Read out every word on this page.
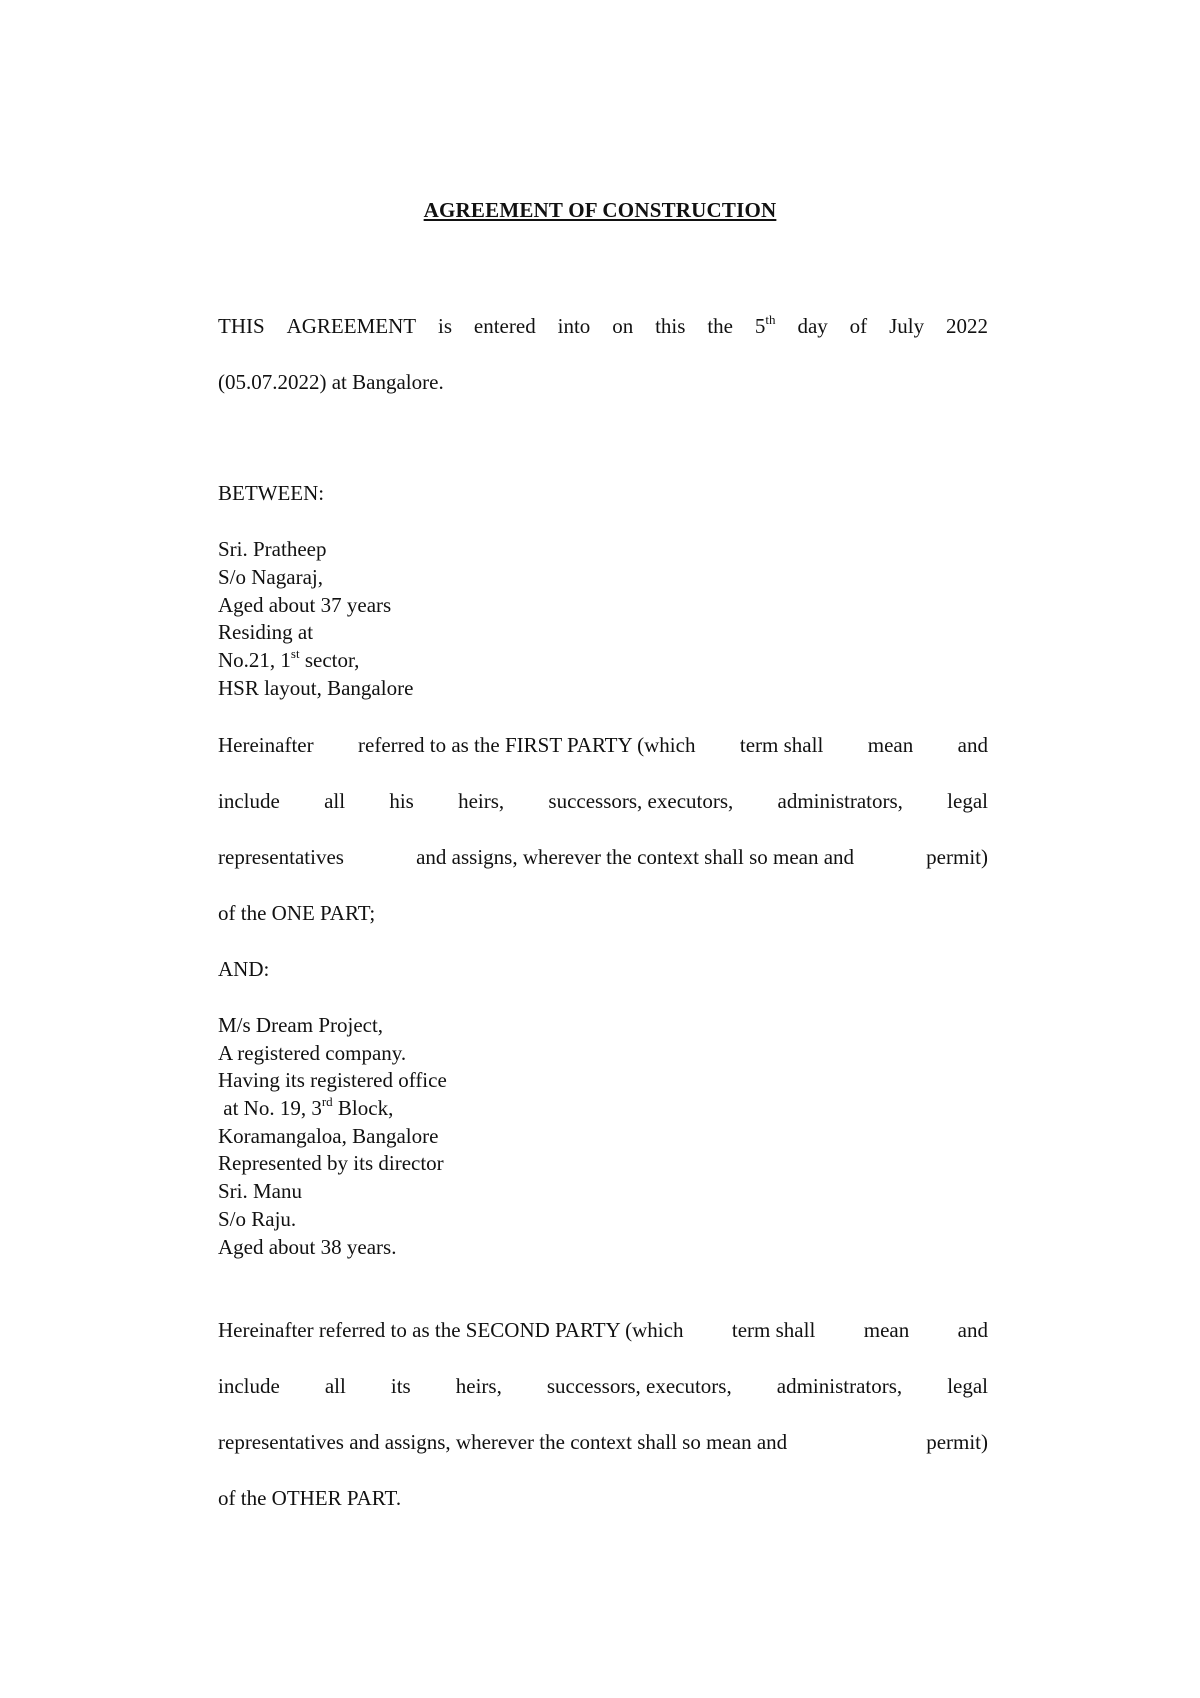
AGREEMENT OF CONSTRUCTION
THIS AGREEMENT is entered into on this the 5th day of July 2022
(05.07.2022) at Bangalore.
BETWEEN:
Sri. Pratheep
S/o Nagaraj,
Aged about 37 years
Residing at
No.21, 1st sector,
HSR layout, Bangalore
Hereinafter referred to as the FIRST PARTY (which term shall mean and
include all his heirs, successors, executors, administrators, legal
representatives	and assigns, wherever the context shall so mean and	permit)
of the ONE PART;
AND:
M/s Dream Project,
A registered company.
Having its registered office
at No. 19, 3rd Block,
Koramangaloa, Bangalore
Represented by its director
Sri. Manu
S/o Raju.
Aged about 38 years.
Hereinafter referred to as the SECOND PARTY (which term shall mean and
include all its heirs, successors, executors, administrators, legal
representatives and assigns, wherever the context shall so mean and	permit)
of the OTHER PART.
